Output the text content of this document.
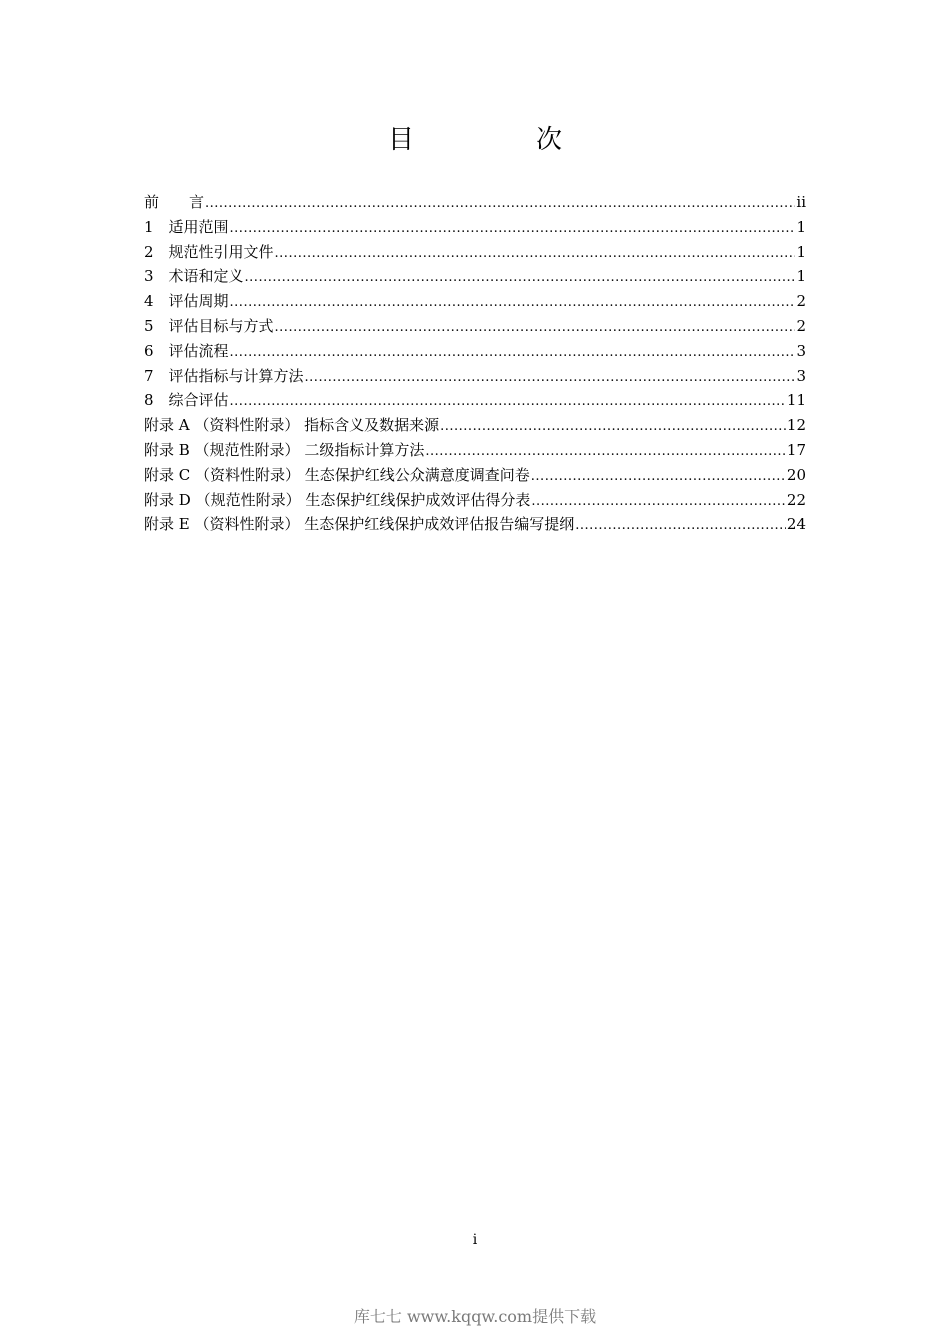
目　次
前　　言 .....	ii
1　适用范围 .....	1
2　规范性引用文件 .....	1
3　术语和定义 .....	1
4　评估周期 .....	2
5　评估目标与方式 .....	2
6　评估流程 .....	3
7　评估指标与计算方法 .....	3
8　综合评估 .....	11
附录 A （资料性附录） 指标含义及数据来源 .....	12
附录 B （规范性附录） 二级指标计算方法 .....	17
附录 C （资料性附录） 生态保护红线公众满意度调查问卷 .....	20
附录 D （规范性附录） 生态保护红线保护成效评估得分表 .....	22
附录 E （资料性附录） 生态保护红线保护成效评估报告编写提纲 .....	24
i
库七七 www.kqqw.com提供下载
